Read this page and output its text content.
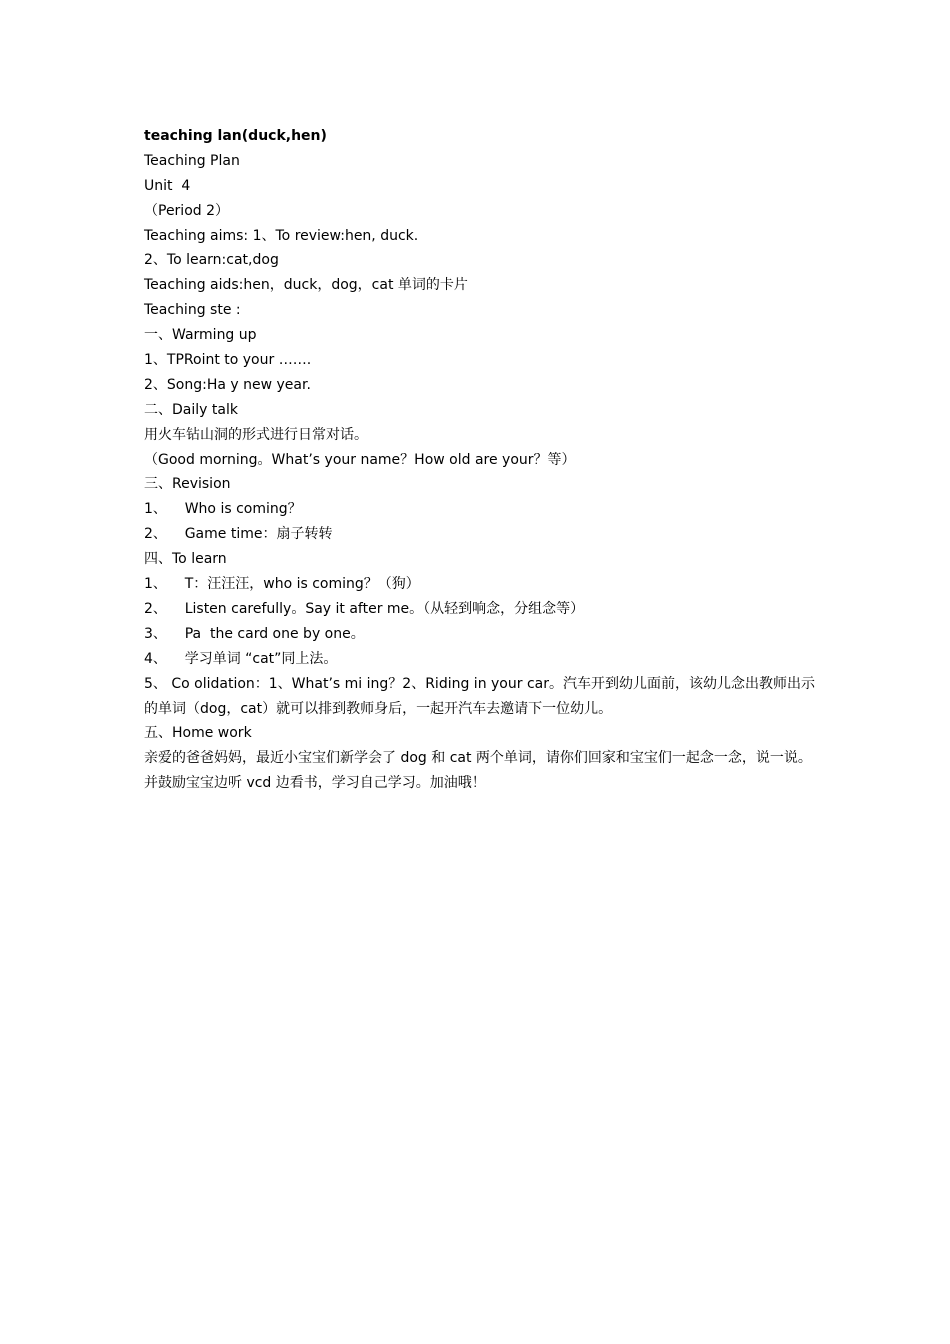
teaching lan(duck,hen)
Teaching Plan
Unit  4
（Period 2）
Teaching aims: 1、To review:hen, duck.
2、To learn:cat,dog
Teaching aids:hen，duck，dog，cat 单词的卡片
Teaching ste :
一、Warming up
1、TPRoint to your …….
2、Song:Ha y new year.
二、Daily talk
用火车钻山洞的形式进行日常对话。
（Good morning。What’s your name？How old are your？等）
三、Revision
1、    Who is coming？
2、    Game time：扇子转转
四、To learn
1、    T：汪汪汪，who is coming？（狗）
2、    Listen carefully。Say it after me。（从轻到响念，分组念等）
3、    Pa  the card one by one。
4、    学习单词 “cat”同上法。
5、 Co olidation：1、What’s mi ing？2、Riding in your car。汽车开到幼儿面前，该幼儿念出教师出示的单词（dog，cat）就可以排到教师身后，一起开汽车去邀请下一位幼儿。
五、Home work
亲爱的爸爸妈妈，最近小宝宝们新学会了 dog 和 cat 两个单词，请你们回家和宝宝们一起念一念，说一说。并鼓励宝宝边听 vcd 边看书，学习自己学习。加油哦！
